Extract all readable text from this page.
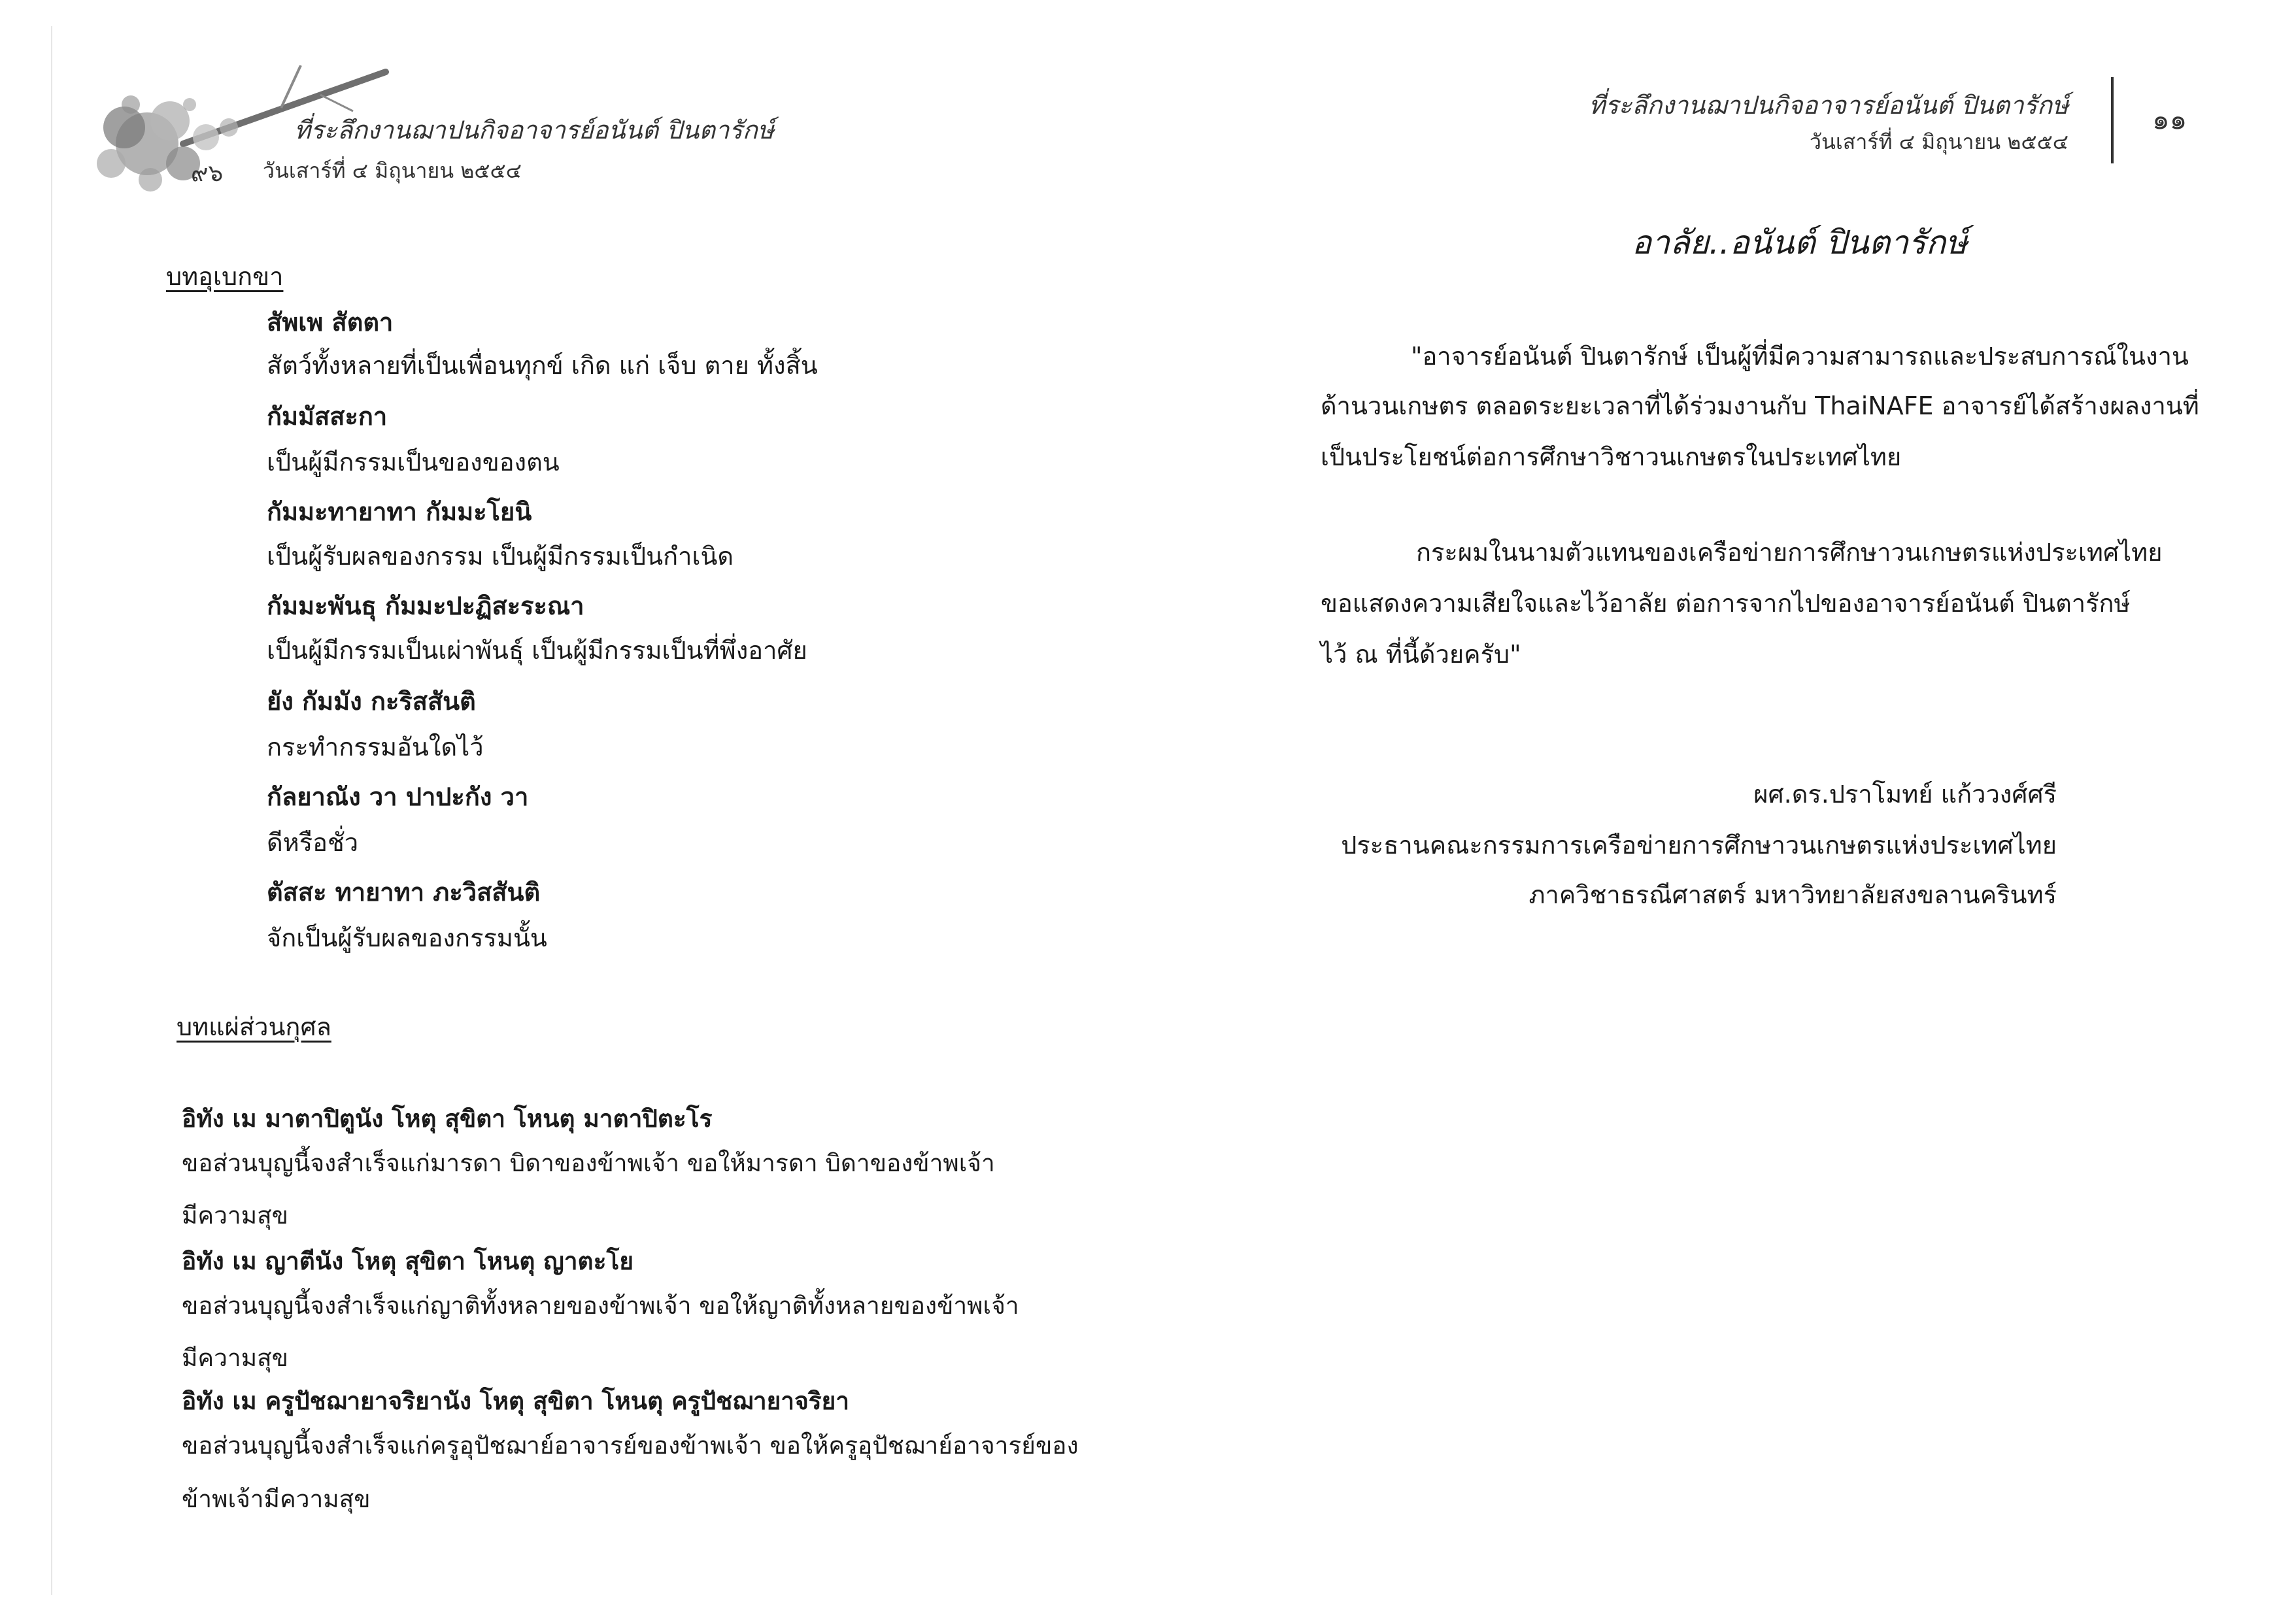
ที่ระลึกงานฌาปนกิจอาจารย์อนันต์ ปินตารักษ์
๙๖ วันเสาร์ที่ ๔ มิถุนายน ๒๕๕๔
บทอุเบกขา
สัพเพ สัตตา
สัตว์ทั้งหลายที่เป็นเพื่อนทุกข์ เกิด แก่ เจ็บ ตาย ทั้งสิ้น
กัมมัสสะกา
เป็นผู้มีกรรมเป็นของของตน
กัมมะทายาทา กัมมะโยนิ
เป็นผู้รับผลของกรรม เป็นผู้มีกรรมเป็นกำเนิด
กัมมะพันธุ กัมมะปะฏิสะระณา
เป็นผู้มีกรรมเป็นเผ่าพันธุ์ เป็นผู้มีกรรมเป็นที่พึ่งอาศัย
ยัง กัมมัง กะริสสันติ
กระทำกรรมอันใดไว้
กัลยาณัง วา ปาปะกัง วา
ดีหรือชั่ว
ตัสสะ ทายาทา ภะวิสสันติ
จักเป็นผู้รับผลของกรรมนั้น
บทแผ่ส่วนกุศล
อิทัง เม มาตาปิตูนัง โหตุ สุขิตา โหนตุ มาตาปิตะโร
ขอส่วนบุญนี้จงสำเร็จแก่มารดา บิดาของข้าพเจ้า ขอให้มารดา บิดาของข้าพเจ้า
มีความสุข
อิทัง เม ญาตีนัง โหตุ สุขิตา โหนตุ ญาตะโย
ขอส่วนบุญนี้จงสำเร็จแก่ญาติทั้งหลายของข้าพเจ้า ขอให้ญาติทั้งหลายของข้าพเจ้า
มีความสุข
อิทัง เม ครูปัชฌายาจริยานัง โหตุ สุขิตา โหนตุ ครูปัชฌายาจริยา
ขอส่วนบุญนี้จงสำเร็จแก่ครูอุปัชฌาย์อาจารย์ของข้าพเจ้า ขอให้ครูอุปัชฌาย์อาจารย์ของ
ข้าพเจ้ามีความสุข
ที่ระลึกงานฌาปนกิจอาจารย์อนันต์ ปินตารักษ์
วันเสาร์ที่ ๔ มิถุนายน ๒๕๕๔
๑๑
อาลัย..อนันต์ ปินตารักษ์
"อาจารย์อนันต์ ปินตารักษ์ เป็นผู้ที่มีความสามารถและประสบการณ์ในงาน
ด้านวนเกษตร ตลอดระยะเวลาที่ได้ร่วมงานกับ ThaiNAFE อาจารย์ได้สร้างผลงานที่
เป็นประโยชน์ต่อการศึกษาวิชาวนเกษตรในประเทศไทย
กระผมในนามตัวแทนของเครือข่ายการศึกษาวนเกษตรแห่งประเทศไทย
ขอแสดงความเสียใจและไว้อาลัย ต่อการจากไปของอาจารย์อนันต์ ปินตารักษ์
ไว้ ณ ที่นี้ด้วยครับ"
ผศ.ดร.ปราโมทย์ แก้ววงศ์ศรี
ประธานคณะกรรมการเครือข่ายการศึกษาวนเกษตรแห่งประเทศไทย
ภาควิชาธรณีศาสตร์ มหาวิทยาลัยสงขลานครินทร์
